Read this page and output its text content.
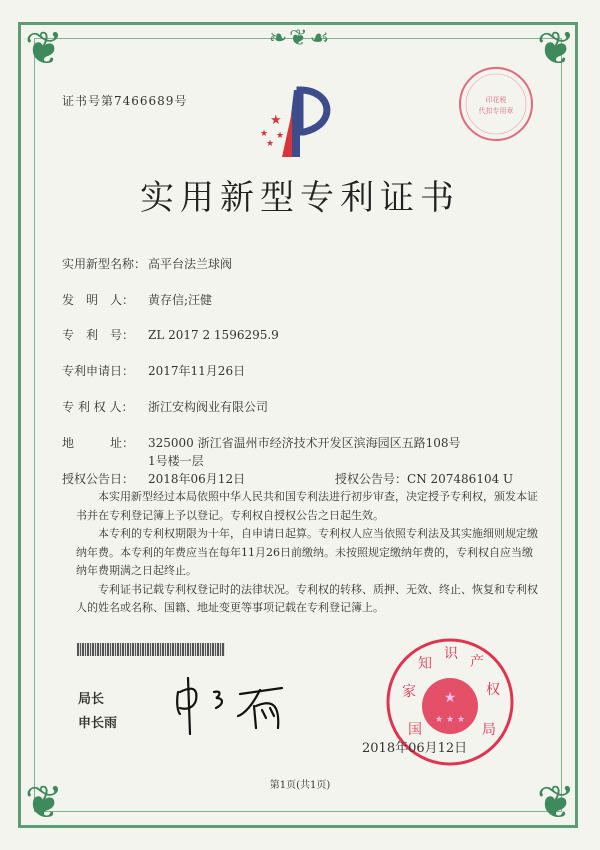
❦	❦
❦	❦
❧❦☙
证书号第7466689号
★
★
★
★
印花税
代扣专用章
实用新型专利证书
实用新型名称： 高平台法兰球阀
发　明　人： 黄存信;汪健
专　利　号： ZL 2017 2 1596295.9
专利申请日： 2017年11月26日
专 利 权 人： 浙江安构阀业有限公司
地　　　址： 325000 浙江省温州市经济技术开发区滨海园区五路108号
1号楼一层
授权公告日： 2018年06月12日	授权公告号：CN 207486104 U

本实用新型经过本局依照中华人民共和国专利法进行初步审查，决定授予专利权，颁发本证书并在专利登记簿上予以登记。专利权自授权公告之日起生效。

本专利的专利权期限为十年，自申请日起算。专利权人应当依照专利法及其实施细则规定缴纳年费。本专利的年费应当在每年11月26日前缴纳。未按照规定缴纳年费的，专利权自应当缴纳年费期满之日起终止。

专利证书记载专利权登记时的法律状况。专利权的转移、质押、无效、终止、恢复和专利权人的姓名或名称、国籍、地址变更等事项记载在专利登记簿上。

局长
申长雨
★
★ ★ ★
国
家
知
识 产
权
局
2018年06月12日
第1页(共1页)
